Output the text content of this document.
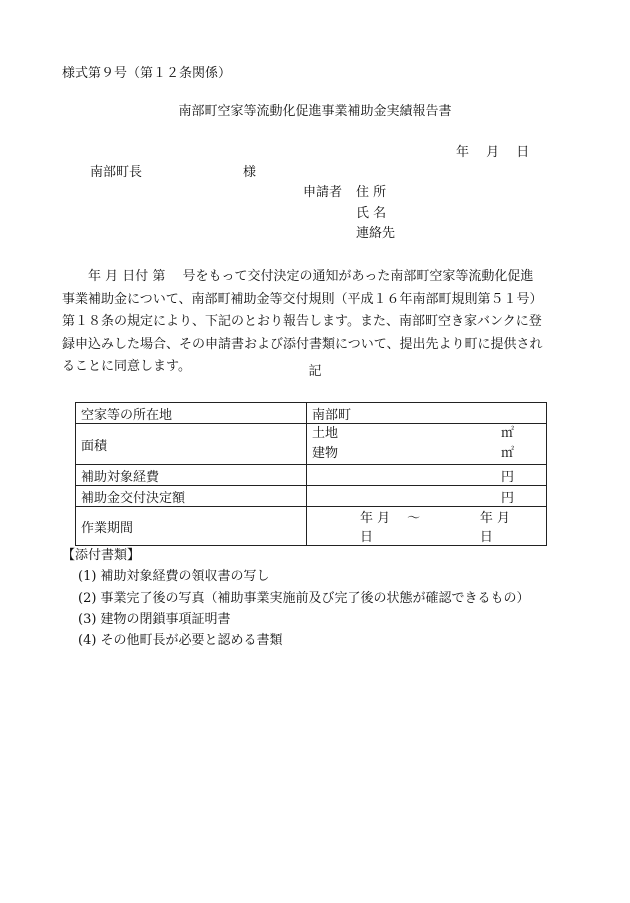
様式第９号（第１２条関係）
南部町空家等流動化促進事業補助金実績報告書
年　 月　 日
南部町長	様
申請者 住 所
氏 名
連絡先

年 月 日付 第　 号をもって交付決定の通知があった南部町空家等流動化促進

事業補助金について、南部町補助金等交付規則（平成１６年南部町規則第５１号）

第１８条の規定により、下記のとおり報告します。また、南部町空き家バンクに登

録申込みした場合、その申請書および添付書類について、提出先より町に提供され

ることに同意します。	記
空家等の所在地	南部町
面積	土地 ㎡
建物 ㎡

補助対象経費	円

補助金交付決定額	円

作業期間	年 月 日
～ 年 月 日
【添付書類】
(1) 補助対象経費の領収書の写し
(2) 事業完了後の写真（補助事業実施前及び完了後の状態が確認できるもの）
(3) 建物の閉鎖事項証明書
(4) その他町長が必要と認める書類
